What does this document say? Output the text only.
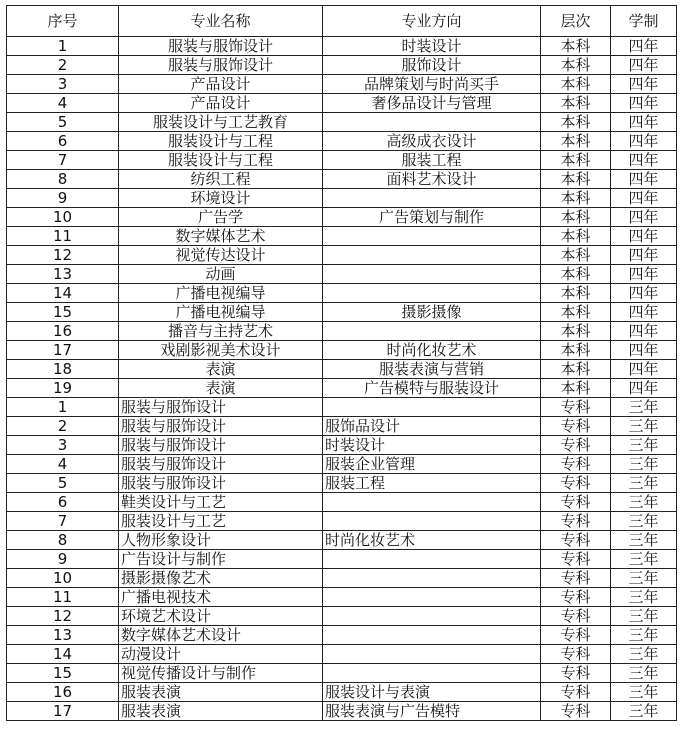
序号	专业名称	专业方向	层次	学制
1	服装与服饰设计	时装设计	本科	四年
2	服装与服饰设计	服饰设计	本科	四年
3	产品设计	品牌策划与时尚买手	本科	四年
4	产品设计	奢侈品设计与管理	本科	四年
5	服装设计与工艺教育		本科	四年
6	服装设计与工程	高级成衣设计	本科	四年
7	服装设计与工程	服装工程	本科	四年
8	纺织工程	面料艺术设计	本科	四年
9	环境设计		本科	四年
10	广告学	广告策划与制作	本科	四年
11	数字媒体艺术		本科	四年
12	视觉传达设计		本科	四年
13	动画		本科	四年
14	广播电视编导		本科	四年
15	广播电视编导	摄影摄像	本科	四年
16	播音与主持艺术		本科	四年
17	戏剧影视美术设计	时尚化妆艺术	本科	四年
18	表演	服装表演与营销	本科	四年
19	表演	广告模特与服装设计	本科	四年
1	服装与服饰设计		专科	三年
2	服装与服饰设计	服饰品设计	专科	三年
3	服装与服饰设计	时装设计	专科	三年
4	服装与服饰设计	服装企业管理	专科	三年
5	服装与服饰设计	服装工程	专科	三年
6	鞋类设计与工艺		专科	三年
7	服装设计与工艺		专科	三年
8	人物形象设计	时尚化妆艺术	专科	三年
9	广告设计与制作		专科	三年
10	摄影摄像艺术		专科	三年
11	广播电视技术		专科	三年
12	环境艺术设计		专科	三年
13	数字媒体艺术设计		专科	三年
14	动漫设计		专科	三年
15	视觉传播设计与制作		专科	三年
16	服装表演	服装设计与表演	专科	三年
17	服装表演	服装表演与广告模特	专科	三年
